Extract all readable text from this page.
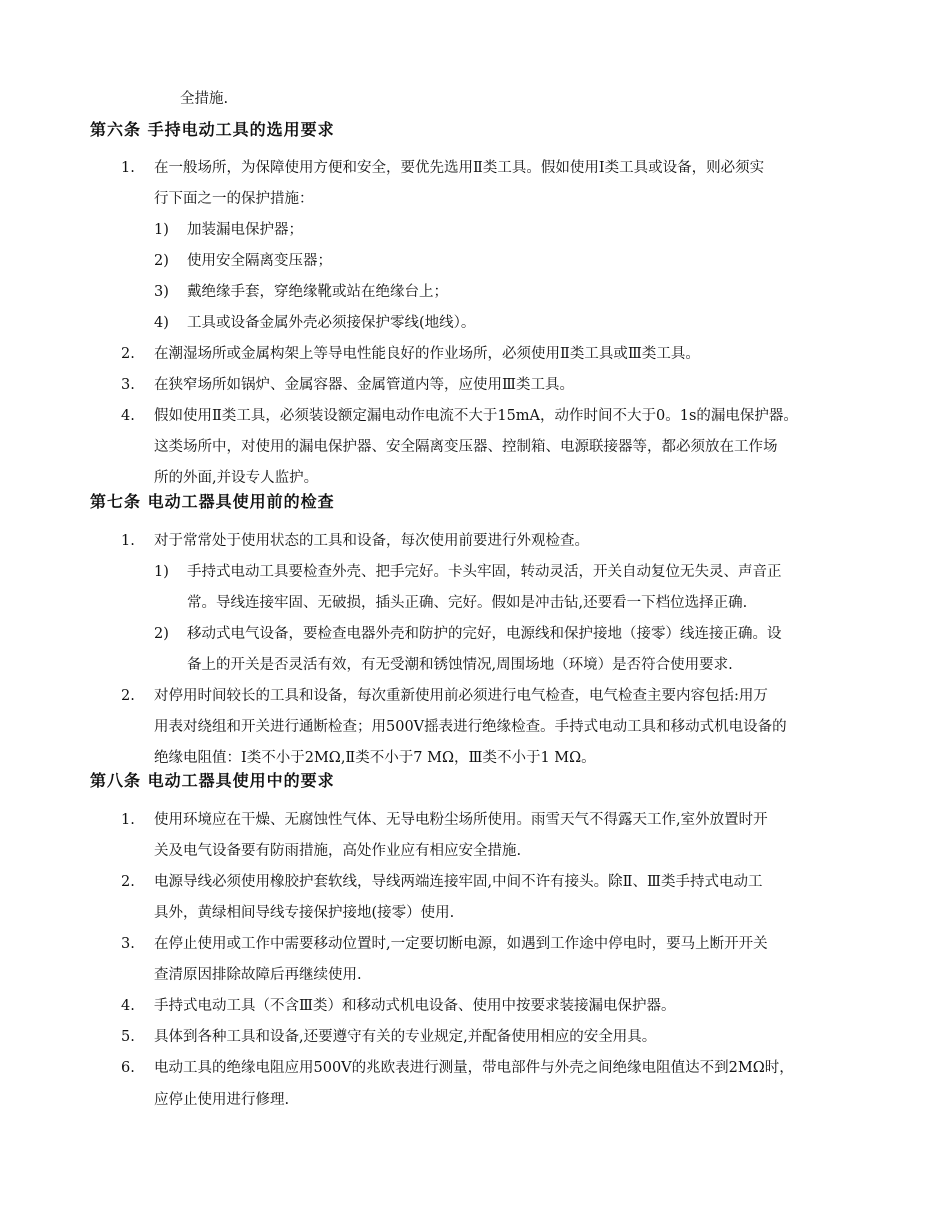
全措施.
第六条 手持电动工具的选用要求
1. 在一般场所，为保障使用方便和安全，要优先选用Ⅱ类工具。假如使用Ⅰ类工具或设备，则必须实
行下面之一的保护措施：
1) 加装漏电保护器；
2) 使用安全隔离变压器；
3) 戴绝缘手套，穿绝缘靴或站在绝缘台上；
4) 工具或设备金属外壳必须接保护零线(地线）。
2. 在潮湿场所或金属构架上等导电性能良好的作业场所，必须使用Ⅱ类工具或Ⅲ类工具。
3. 在狭窄场所如锅炉、金属容器、金属管道内等，应使用Ⅲ类工具。
4. 假如使用Ⅱ类工具，必须装设额定漏电动作电流不大于15mA，动作时间不大于0。1s的漏电保护器。
这类场所中，对使用的漏电保护器、安全隔离变压器、控制箱、电源联接器等，都必须放在工作场
所的外面,并设专人监护。
第七条 电动工器具使用前的检查
1. 对于常常处于使用状态的工具和设备，每次使用前要进行外观检查。
1) 手持式电动工具要检查外壳、把手完好。卡头牢固，转动灵活，开关自动复位无失灵、声音正
常。导线连接牢固、无破损，插头正确、完好。假如是冲击钻,还要看一下档位选择正确.
2) 移动式电气设备，要检查电器外壳和防护的完好，电源线和保护接地（接零）线连接正确。设
备上的开关是否灵活有效，有无受潮和锈蚀情况,周围场地（环境）是否符合使用要求.
2. 对停用时间较长的工具和设备，每次重新使用前必须进行电气检查，电气检查主要内容包括:用万
用表对绕组和开关进行通断检查；用500V摇表进行绝缘检查。手持式电动工具和移动式机电设备的
绝缘电阻值：Ⅰ类不小于2MΩ,Ⅱ类不小于7 MΩ，Ⅲ类不小于1 MΩ。
第八条 电动工器具使用中的要求
1. 使用环境应在干燥、无腐蚀性气体、无导电粉尘场所使用。雨雪天气不得露天工作,室外放置时开
关及电气设备要有防雨措施，高处作业应有相应安全措施.
2. 电源导线必须使用橡胶护套软线，导线两端连接牢固,中间不许有接头。除Ⅱ、Ⅲ类手持式电动工
具外，黄绿相间导线专接保护接地(接零）使用.
3. 在停止使用或工作中需要移动位置时,一定要切断电源，如遇到工作途中停电时，要马上断开开关
查清原因排除故障后再继续使用.
4. 手持式电动工具（不含Ⅲ类）和移动式机电设备、使用中按要求装接漏电保护器。
5. 具体到各种工具和设备,还要遵守有关的专业规定,并配备使用相应的安全用具。
6. 电动工具的绝缘电阻应用500V的兆欧表进行测量，带电部件与外壳之间绝缘电阻值达不到2MΩ时，
应停止使用进行修理.
